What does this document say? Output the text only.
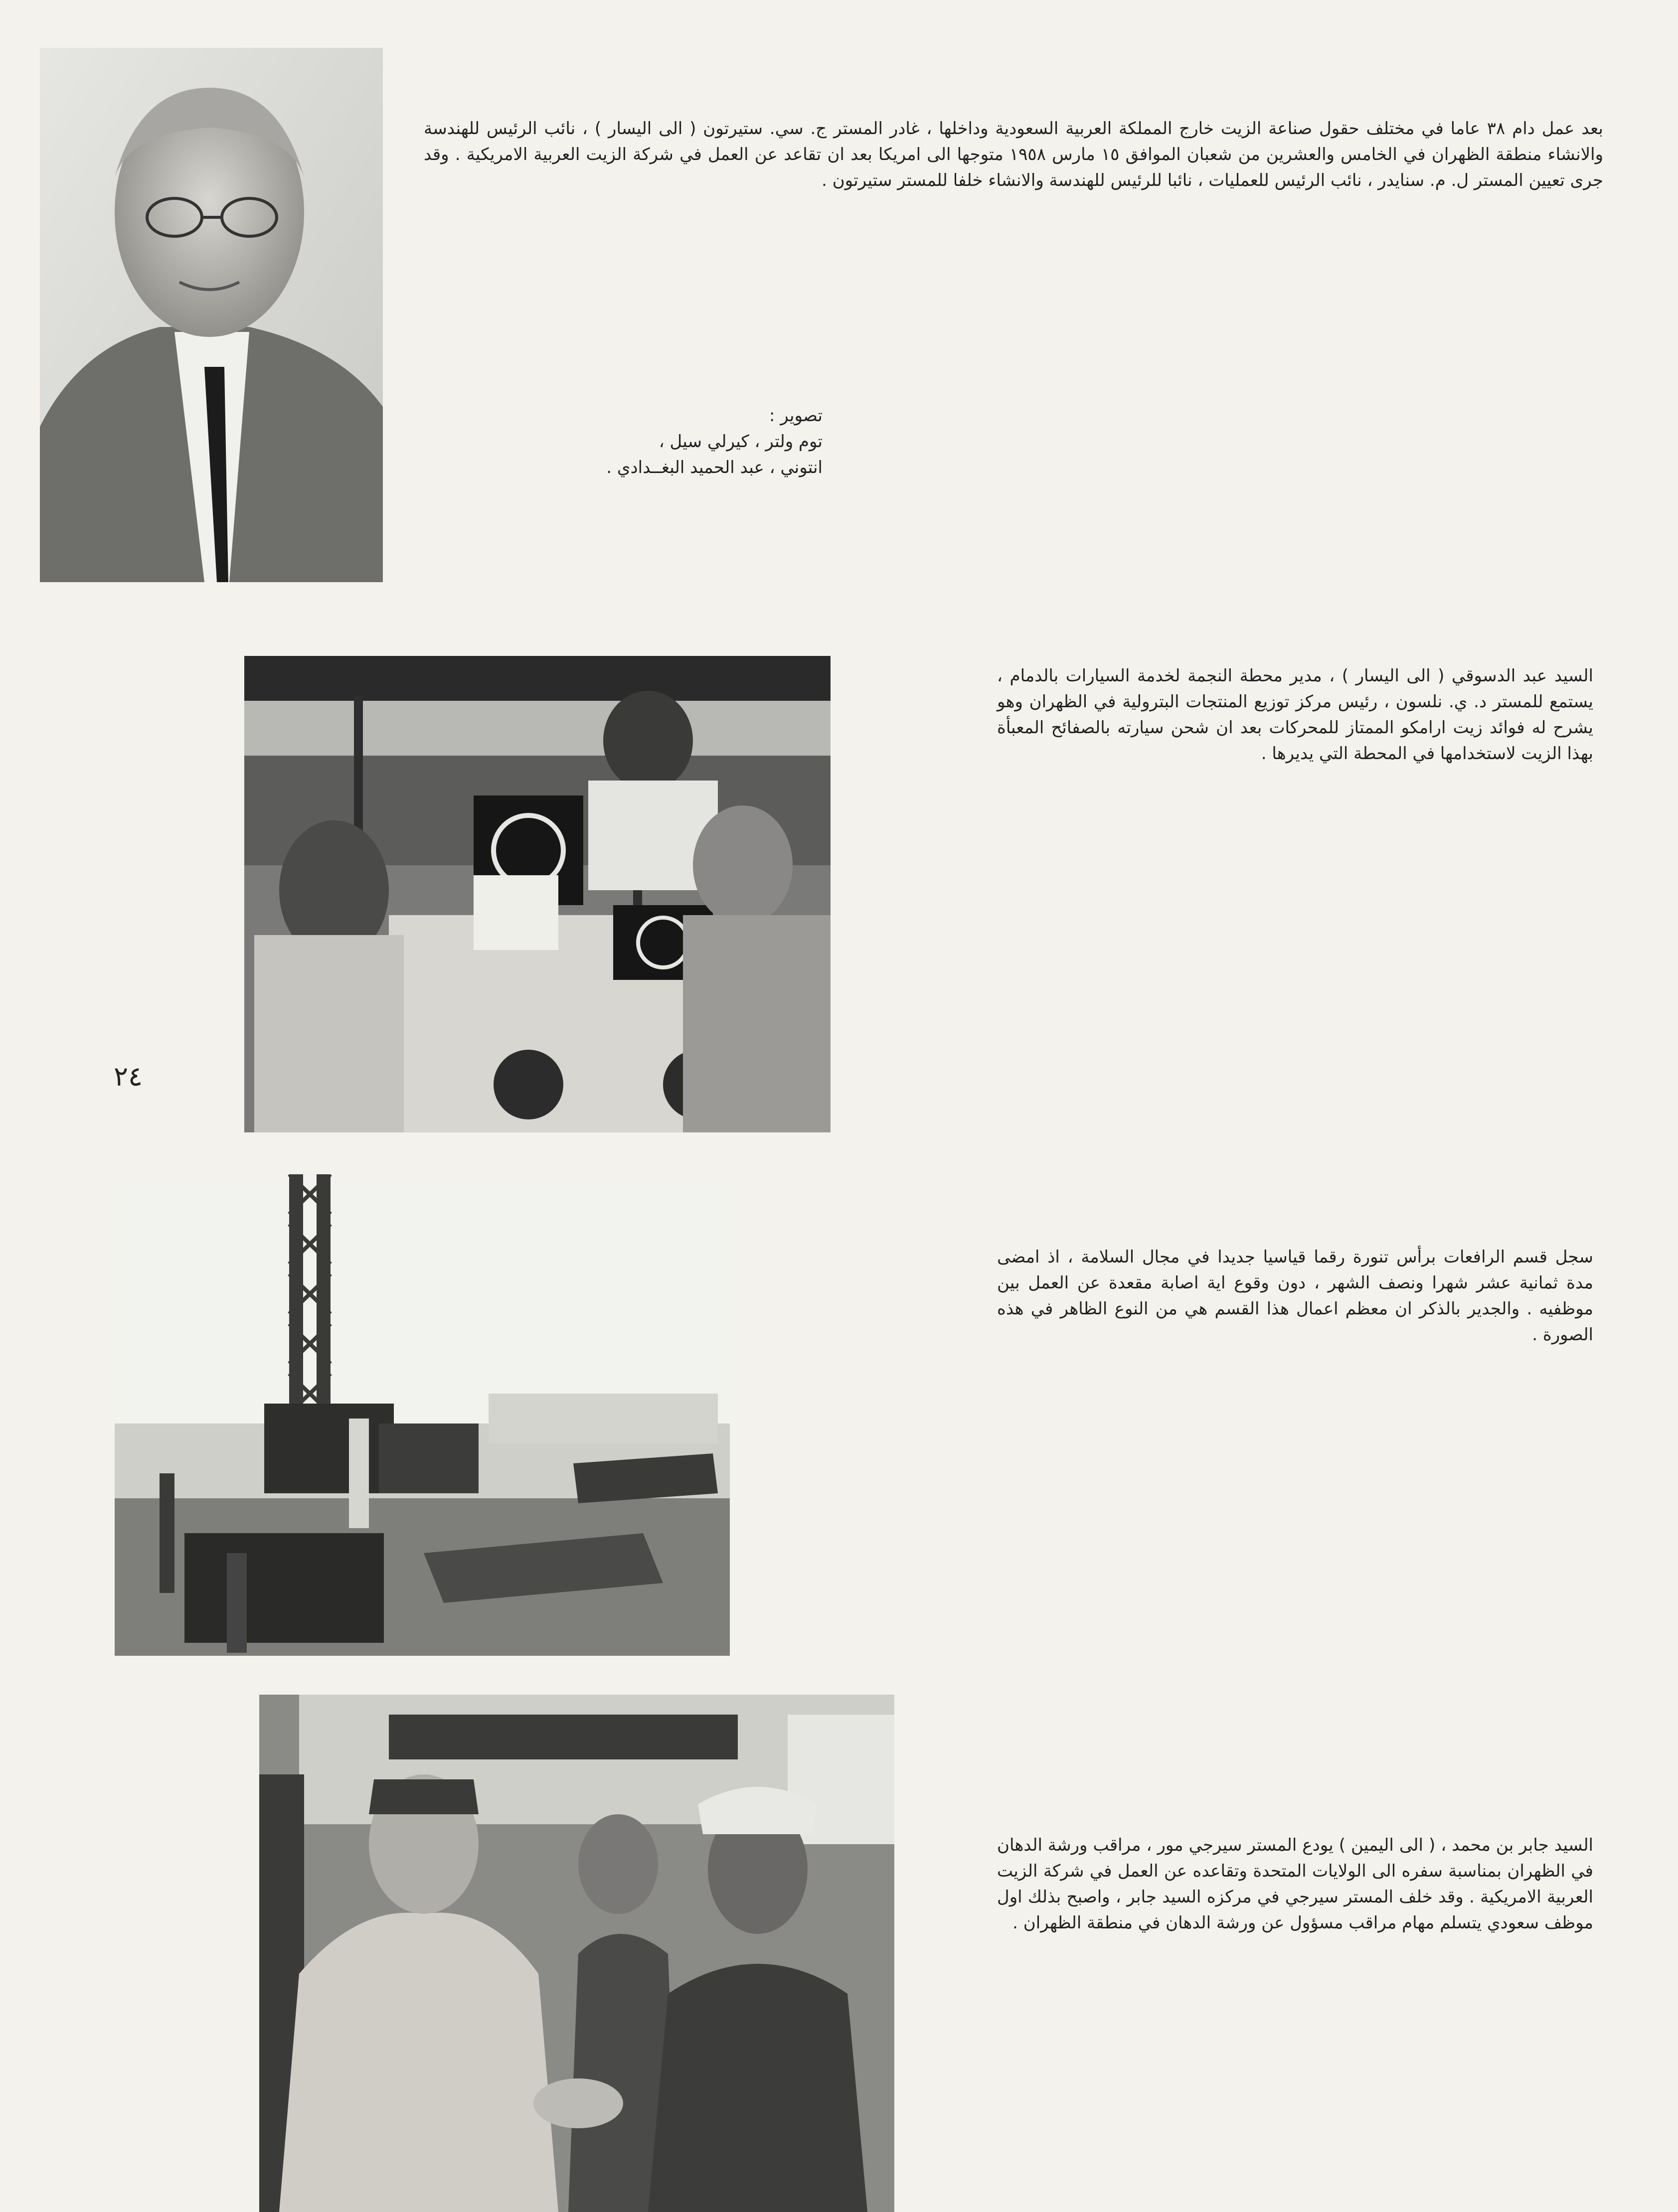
بعد عمل دام ٣٨ عاما في مختلف حقول صناعة الزيت خارج المملكة العربية السعودية وداخلها ، غادر المستر ج. سي. ستيرتون ( الى اليسار ) ، نائب الرئيس للهندسة والانشاء منطقة الظهران في الخامس والعشرين من شعبان الموافق ١٥ مارس ١٩٥٨ متوجها الى امريكا بعد ان تقاعد عن العمل في شركة الزيت العربية الامريكية . وقد جرى تعيين المستر ل. م. سنايدر ، نائب الرئيس للعمليات ، نائبا للرئيس للهندسة والانشاء خلفا للمستر ستيرتون .
تصوير :
توم ولتر ، كيرلي سيل ،
انتوني ، عبد الحميد البغــدادي .
السيد عبد الدسوقي ( الى اليسار ) ، مدير محطة النجمة لخدمة السيارات بالدمام ، يستمع للمستر د. ي. نلسون ، رئيس مركز توزيع المنتجات البترولية في الظهران وهو يشرح له فوائد زيت ارامكو الممتاز للمحركات بعد ان شحن سيارته بالصفائح المعبأة بهذا الزيت لاستخدامها في المحطة التي يديرها .
سجل قسم الرافعات برأس تنورة رقما قياسيا جديدا في مجال السلامة ، اذ امضى مدة ثمانية عشر شهرا ونصف الشهر ، دون وقوع اية اصابة مقعدة عن العمل بين موظفيه . والجدير بالذكر ان معظم اعمال هذا القسم هي من النوع الظاهر في هذه الصورة .
السيد جابر بن محمد ، ( الى اليمين ) يودع المستر سيرجي مور ، مراقب ورشة الدهان في الظهران بمناسبة سفره الى الولايات المتحدة وتقاعده عن العمل في شركة الزيت العربية الامريكية . وقد خلف المستر سيرجي في مركزه السيد جابر ، واصبح بذلك اول موظف سعودي يتسلم مهام مراقب مسؤول عن ورشة الدهان في منطقة الظهران .
٢٤
